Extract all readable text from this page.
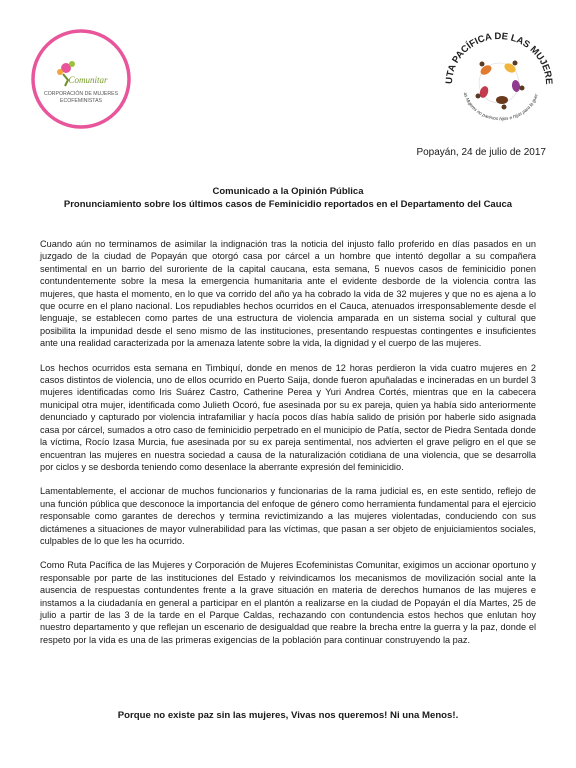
Comunitar
CORPORACIÓN DE MUJERES
ECOFEMINISTAS
UTA PACÍFICA DE LAS MUJERE
as Mujeres no parimos hijos e hijas para la guer
Popayán, 24 de julio de 2017
Comunicado a la Opinión Pública
Pronunciamiento sobre los últimos casos de Feminicidio reportados en el Departamento del Cauca

Cuando aún no terminamos de asimilar la indignación tras la noticia del injusto fallo proferido en días pasados en un juzgado de la ciudad de Popayán que otorgó casa por cárcel a un hombre que intentó degollar a su compañera sentimental en un barrio del suroriente de la capital caucana, esta semana, 5 nuevos casos de feminicidio ponen contundentemente sobre la mesa la emergencia humanitaria ante el evidente desborde de la violencia contra las mujeres, que hasta el momento, en lo que va corrido del año ya ha cobrado la vida de 32 mujeres y que no es ajena a lo que ocurre en el plano nacional. Los repudiables hechos ocurridos en el Cauca, atenuados irresponsablemente desde el lenguaje, se establecen como partes de una estructura de violencia amparada en un sistema social y cultural que posibilita la impunidad desde el seno mismo de las instituciones, presentando respuestas contingentes e insuficientes ante una realidad caracterizada por la amenaza latente sobre la vida, la dignidad y el cuerpo de las mujeres.

Los hechos ocurridos esta semana en Timbiquí, donde en menos de 12 horas perdieron la vida cuatro mujeres en 2 casos distintos de violencia, uno de ellos ocurrido en Puerto Saija, donde fueron apuñaladas e incineradas en un burdel 3 mujeres identificadas como Iris Suárez Castro, Catherine Perea y Yuri Andrea Cortés, mientras que en la cabecera municipal otra mujer, identificada como Julieth Ocoró, fue asesinada por su ex pareja, quien ya había sido anteriormente denunciado y capturado por violencia intrafamiliar y hacía pocos días había salido de prisión por haberle sido asignada casa por cárcel, sumados a otro caso de feminicidio perpetrado en el municipio de Patía, sector de Piedra Sentada donde la víctima, Rocío Izasa Murcia, fue asesinada por su ex pareja sentimental, nos advierten el grave peligro en el que se encuentran las mujeres en nuestra sociedad a causa de la naturalización cotidiana de una violencia, que se desarrolla por ciclos y se desborda teniendo como desenlace la aberrante expresión del feminicidio.

Lamentablemente, el accionar de muchos funcionarios y funcionarias de la rama judicial es, en este sentido, reflejo de una función pública que desconoce la importancia del enfoque de género como herramienta fundamental para el ejercicio responsable como garantes de derechos y termina revictimizando a las mujeres violentadas, conduciendo con sus dictámenes a situaciones de mayor vulnerabilidad para las víctimas, que pasan a ser objeto de enjuiciamientos sociales, culpables de lo que les ha ocurrido.

Como Ruta Pacífica de las Mujeres y Corporación de Mujeres Ecofeministas Comunitar, exigimos un accionar oportuno y responsable por parte de las instituciones del Estado y reivindicamos los mecanismos de movilización social ante la ausencia de respuestas contundentes frente a la grave situación en materia de derechos humanos de las mujeres e instamos a la ciudadanía en general a participar en el plantón a realizarse en la ciudad de Popayán el día Martes, 25 de julio a partir de las 3 de la tarde en el Parque Caldas, rechazando con contundencia estos hechos que enlutan hoy nuestro departamento y que reflejan un escenario de desigualdad que reabre la brecha entre la guerra y la paz, donde el respeto por la vida es una de las primeras exigencias de la población para continuar construyendo la paz.

Porque no existe paz sin las mujeres, Vivas nos queremos! Ni una Menos!.
